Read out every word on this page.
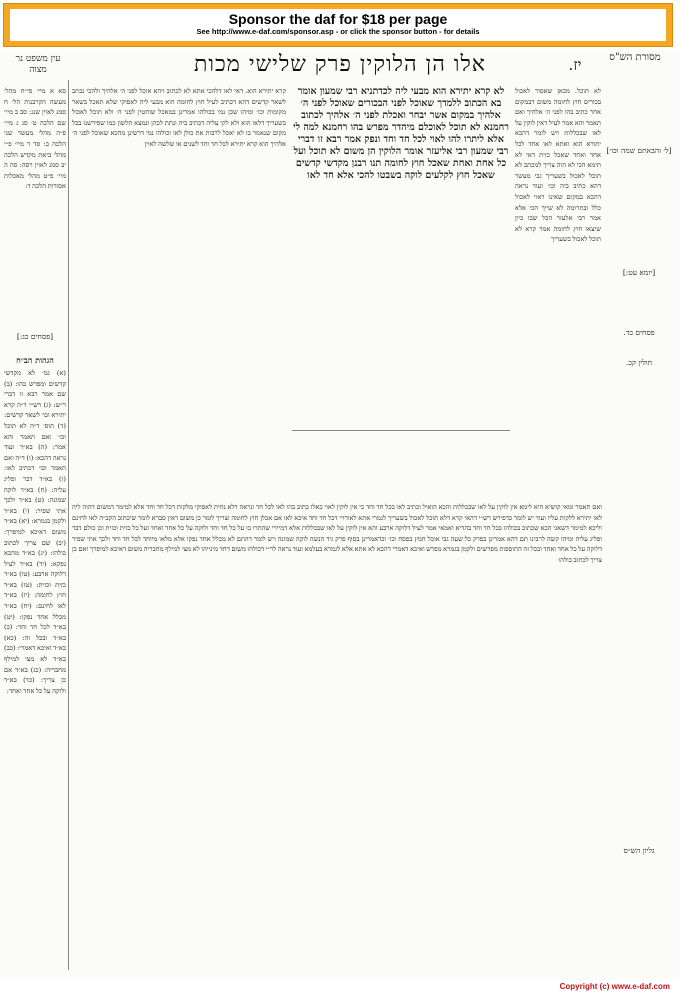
Sponsor the daf for $18 per page
See http://www.e-daf.com/sponsor.asp - or click the sponsor button - for details
מסורת הש"ס
יז.
אלו הן הלוקין פרק שלישי מכות
עין משפט נר מצוה
[ל׳ והבאתם שמה וכו׳]
[יומא עט:]
פסחים כד.
חולין קכ.
[פסחים כג:]
גליון הש״ס
לא תוכל. מכאן שאסור לאכול בכורים חוץ לחומה משום דבמקום אחר כתיב בהו לפני ה׳ אלהיך ואם תאמר והא אמר לעיל דאין לוקין על לאו שבכללות ויש לומר דהכא יתורא הוא ואתא לאו אחד לכל אחד ואחד שאכל כזית דאי לא תימא הכי לא הוה צריך למכתב לא תוכל לאכול בשעריך גבי מעשר דהא כתיב ביה וכו׳ ועוד נראה דהכא במקום שאינו ראוי לאכול כלל ובתרומה לא שייך הכי אלא אמר רבי אלעזר הכל שבו כיון שיצאו חוץ לחומה אמר קרא לא תוכל לאכול בשעריך
לא קרא יתירא הוא מבעי ליה לכדתניא רבי שמעון אומר בא הכתוב ללמדך שאוכל לפני הבכורים שאוכל לפני ה׳ אלהיך במקום אשר יבחר ואכלת לפני ה׳ אלהיך לכתוב רחמנא לא תוכל לאוכלם מיהדר מפרש בהו רחמנא למה לי אלא ליתרו להו לאוי לכל חד וחד ונפק אמר רבא זו דברי רבי שמעון רבי אליעזר אומר הלוקין הן משום לא תוכל ועל כל אחת ואחת שאכל חוץ לחומה תנו רבנן מקדשי קדשים שאכל חוץ לקלעים לוקה בשבטו להכי אלא חד לאו
קרא יתירא הוא. דאי לאו דלהכי אתא לא לכתוב ויהא אוכל לפני ה׳ אלהיך ולהכי נכתב לשאר קדשים דהא דכתיב לעיל חוץ לחומה הוא מבעי ליה לאפוקי שלא תאכל בשאר מקומות וכו׳ ומיהו שכן נמי בכולהו אמרינן במאכל שוחטין לפני ה׳ ולא תוכל לאכול בשעריך דלאו הוא ולא לקי עליה דכתיב ביה ונתת לכהן ונמצא הלשון כמו שפירשנו בכל מקום שנאמר בו לא יאכל לרבות את כולן לאו וכולהו נמי דרשינן מהכא שאוכל לפני ה׳ אלהיך הוא קרא יתירא לכל חד וחד לשנים או שלשה לאוין
ואם תאמר ומאי קושיא היא לימא אין לוקין על לאו שבכללות והכא הואיל וכתיב לאו בכל חד וחד כי אין לוקין לאוי כאלו כתוב בהו לאו לכל חד ונראה דלא נחית לאפוקי מלקות דכל חד וחד אלא למימר דמשום דהוה ליה לאו יתירא ללקות עליו ועוד יש לומר כדפירש רש״י דהאי קרא דלא תוכל לאכול בשעריך לגמרי אתא לאורויי דכל חד וחד איכא לאו אם אכלן חוץ לחומה וצריך לומר כן משום דאין סברא לומר שיכתוב הקב״ה לאו לחינם וליכא למימר דשאני הכא שכתוב בכולהו בכל חד וחד בהדיא ואמאי אמר לעיל דלוקה ארבע והא אין לוקין על לאו שבכללות אלא דמיירי שהתרו בו על כל חד וחד ולוקה על כל אחד ואחד ועל כל כזית וכזית וכן כולם דבר ופליג עליה ומיהו קשה לרבינו תם דהא אמרינן בפרק כל שעה גבי אוכל חמץ בפסח וכו׳ וכדאמרינן בסוף פרק גיד הנשה לוקה שמונה ויש לומר דהתם לא מכלל אחד נפקו אלא מלאו מיוחד לכל חד וחד ולכך אתי שפיר דלוקה על כל אחד ואחד ובכל זה התוספות מפרשים ולקמן בגמרא מפרש ואיכא דאמרי דהכא לא אתא אלא לגמרא בעלמא ועוד נראה לר״י דכולהו משום דחד מינייהו לא מצי למילף מחבריה משום דאיכא למיפרך ואם כן צריך לכתוב כולהו
סא א מיי׳ פי״ח מהל׳ מעשה הקרבנות הל׳ ח סמג לאוין שנג: סב ב מיי׳ שם הלכה ט׳ סג ג מיי׳ פ״ה מהל׳ מעשר שני הלכה ב: סד ד מיי׳ פ״י מהל׳ ביאת מקדש הלכה יב סמג לאוין רסה: סה ה מיי׳ פ״ט מהל׳ מאכלות אסורות הלכה ד:
הגהות הב״ח
(א) גמ׳ לא מקדשי קדשים ומפרש בהו: (ב) שם אמר רבא זו דברי ר״ש: (ג) רש״י ד״ה קרא יתירא וכו׳ לשאר קדשים: (ד) תוס׳ ד״ה לא תוכל וכו׳ ואם תאמר והא אמר: (ה) בא״ד ועוד נראה דהכא: (ו) ד״ה ואם תאמר וכו׳ דכתיב לאו: (ז) בא״ד דבר ופליג עליה: (ח) בא״ד לוקה שמונה: (ט) בא״ד ולכך אתי שפיר: (י) בא״ד ולקמן בגמרא: (יא) בא״ד משום דאיכא למיפרך: (יב) שם צריך לכתוב כולהו: (יג) בא״ד מהכא נפקא: (יד) בא״ד לעיל דלוקה ארבע: (טו) בא״ד כזית וכזית: (טז) בא״ד חוץ לחומה: (יז) בא״ד לאו לחינם: (יח) בא״ד מכלל אחד נפקו: (יט) בא״ד לכל חד וחד: (כ) בא״ד ובכל זה: (כא) בא״ד ואיכא דאמרי: (כב) בא״ד לא מצי למילף מחבריה: (כג) בא״ד אם כן צריך: (כד) בא״ד ולוקה על כל אחד ואחד:
Copyright (c) www.e-daf.com
